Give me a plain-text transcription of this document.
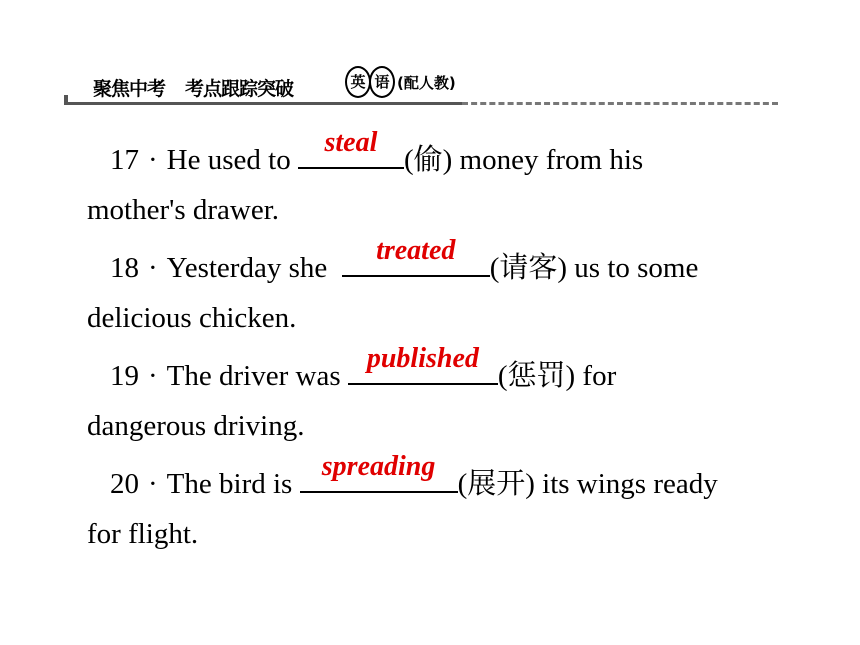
聚焦中考 考点跟踪突破	英 语 (配人教)
17 · He used to
steal
(偷) money from his
mother's drawer.
18 · Yesterday she
treated
(请客) us to some
delicious chicken.
19 · The driver was
published
(惩罚) for
dangerous driving.
20 · The bird is
spreading
(展开) its wings ready
for flight.
